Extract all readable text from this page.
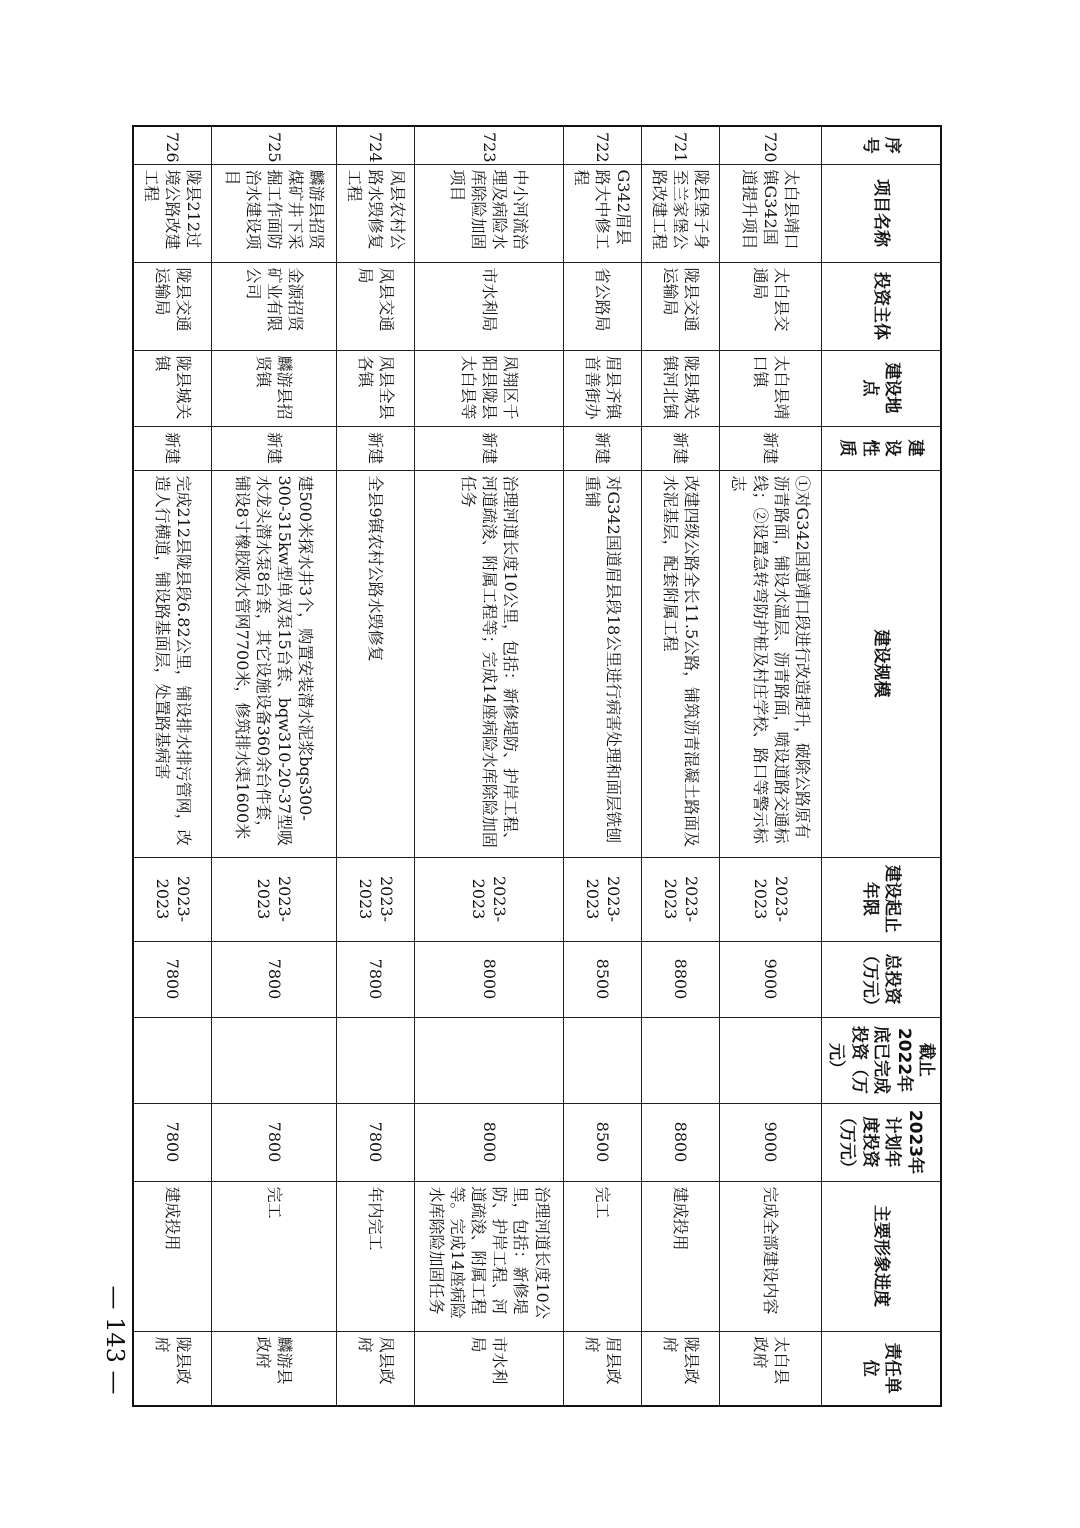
序号	项目名称	投资主体	建设地点	建设性质	建设规模	建设起止年限	总投资（万元）	截止2022年底已完成投资（万元）	2023年计划年度投资（万元）	主要形象进度	责任单位
720	太白县靖口镇G342国道提升项目	太白县交通局	太白县靖口镇	新建	①对G342国道靖口段进行改造提升，破除公路原有沥青路面，铺设水温层、沥青路面，喷设道路交通标线；②设置急转弯防护桩及村庄学校、路口等警示标志	2023-2023	9000		9000	完成全部建设内容	太白县政府
721	陇县堡子身至兰家堡公路改建工程	陇县交通运输局	陇县城关镇河北镇	新建	改建四级公路全长11.5公路，铺筑沥青混凝土路面及水泥基层，配套附属工程	2023-2023	8800		8800	建成投用	陇县政府
722	G342眉县路大中修工程	省公路局	眉县齐镇首善街办	新建	对G342国道眉县段18公里进行病害处理和面层铣刨重铺	2023-2023	8500		8500	完工	眉县政府
723	中小河流治理及病险水库除险加固项目	市水利局	凤翔区千阳县陇县太白县等	新建	治理河道长度10公里，包括：新修堤防、护岸工程、河道疏浚、附属工程等；完成14座病险水库除险加固任务	2023-2023	8000		8000	治理河道长度10公里，包括：新修堤防、护岸工程、河道疏浚、附属工程等。完成14座病险水库除险加固任务	市水利局
724	凤县农村公路水毁修复工程	凤县交通局	凤县全县各镇	新建	全县9镇农村公路水毁修复	2023-2023	7800		7800	年内完工	凤县政府
725	麟游县招贤煤矿井下采掘工作面防治水建设项目	金源招贤矿业有限公司	麟游县招贤镇	新建	建500米探水井3个，购置安装潜水泥浆bqs300-300-315kw型单双泵15台套、bqw310-20-37型吸水龙头潜水泵8台套，其它设施设备360余台件套，铺设8寸橡胶吸水管网7700米，修筑排水渠1600米	2023-2023	7800		7800	完工	麟游县政府
726	陇县212过境公路改建工程	陇县交通运输局	陇县城关镇	新建	完成212县陇县段6.82公里，铺设排水排污管网，改造人行横道，铺设路基面层，处置路基病害	2023-2023	7800		7800	建成投用	陇县政府
— 143 —
